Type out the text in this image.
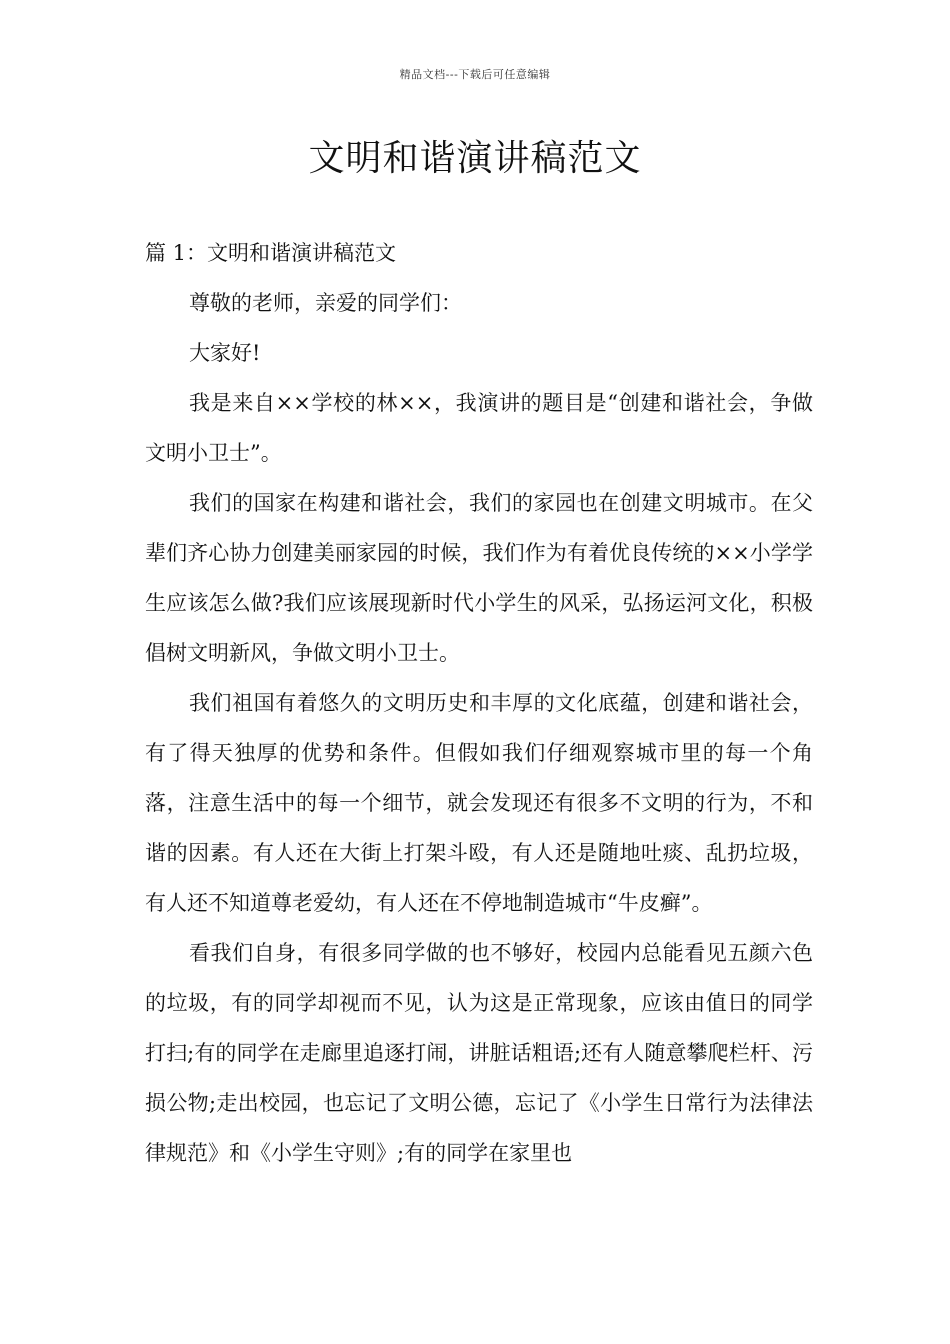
精品文档---下载后可任意编辑
文明和谐演讲稿范文

篇 1：文明和谐演讲稿范文

尊敬的老师，亲爱的同学们：

大家好!

我是来自××学校的林××，我演讲的题目是“创建和谐社会，争做文明小卫士”。

我们的国家在构建和谐社会，我们的家园也在创建文明城市。在父辈们齐心协力创建美丽家园的时候，我们作为有着优良传统的××小学学生应该怎么做?我们应该展现新时代小学生的风采，弘扬运河文化，积极倡树文明新风，争做文明小卫士。

我们祖国有着悠久的文明历史和丰厚的文化底蕴，创建和谐社会，有了得天独厚的优势和条件。但假如我们仔细观察城市里的每一个角落，注意生活中的每一个细节，就会发现还有很多不文明的行为，不和谐的因素。有人还在大街上打架斗殴，有人还是随地吐痰、乱扔垃圾，有人还不知道尊老爱幼，有人还在不停地制造城市“牛皮癣”。

看我们自身，有很多同学做的也不够好，校园内总能看见五颜六色的垃圾，有的同学却视而不见，认为这是正常现象，应该由值日的同学打扫;有的同学在走廊里追逐打闹，讲脏话粗语;还有人随意攀爬栏杆、污损公物;走出校园，也忘记了文明公德，忘记了《小学生日常行为法律法律规范》和《小学生守则》;有的同学在家里也
